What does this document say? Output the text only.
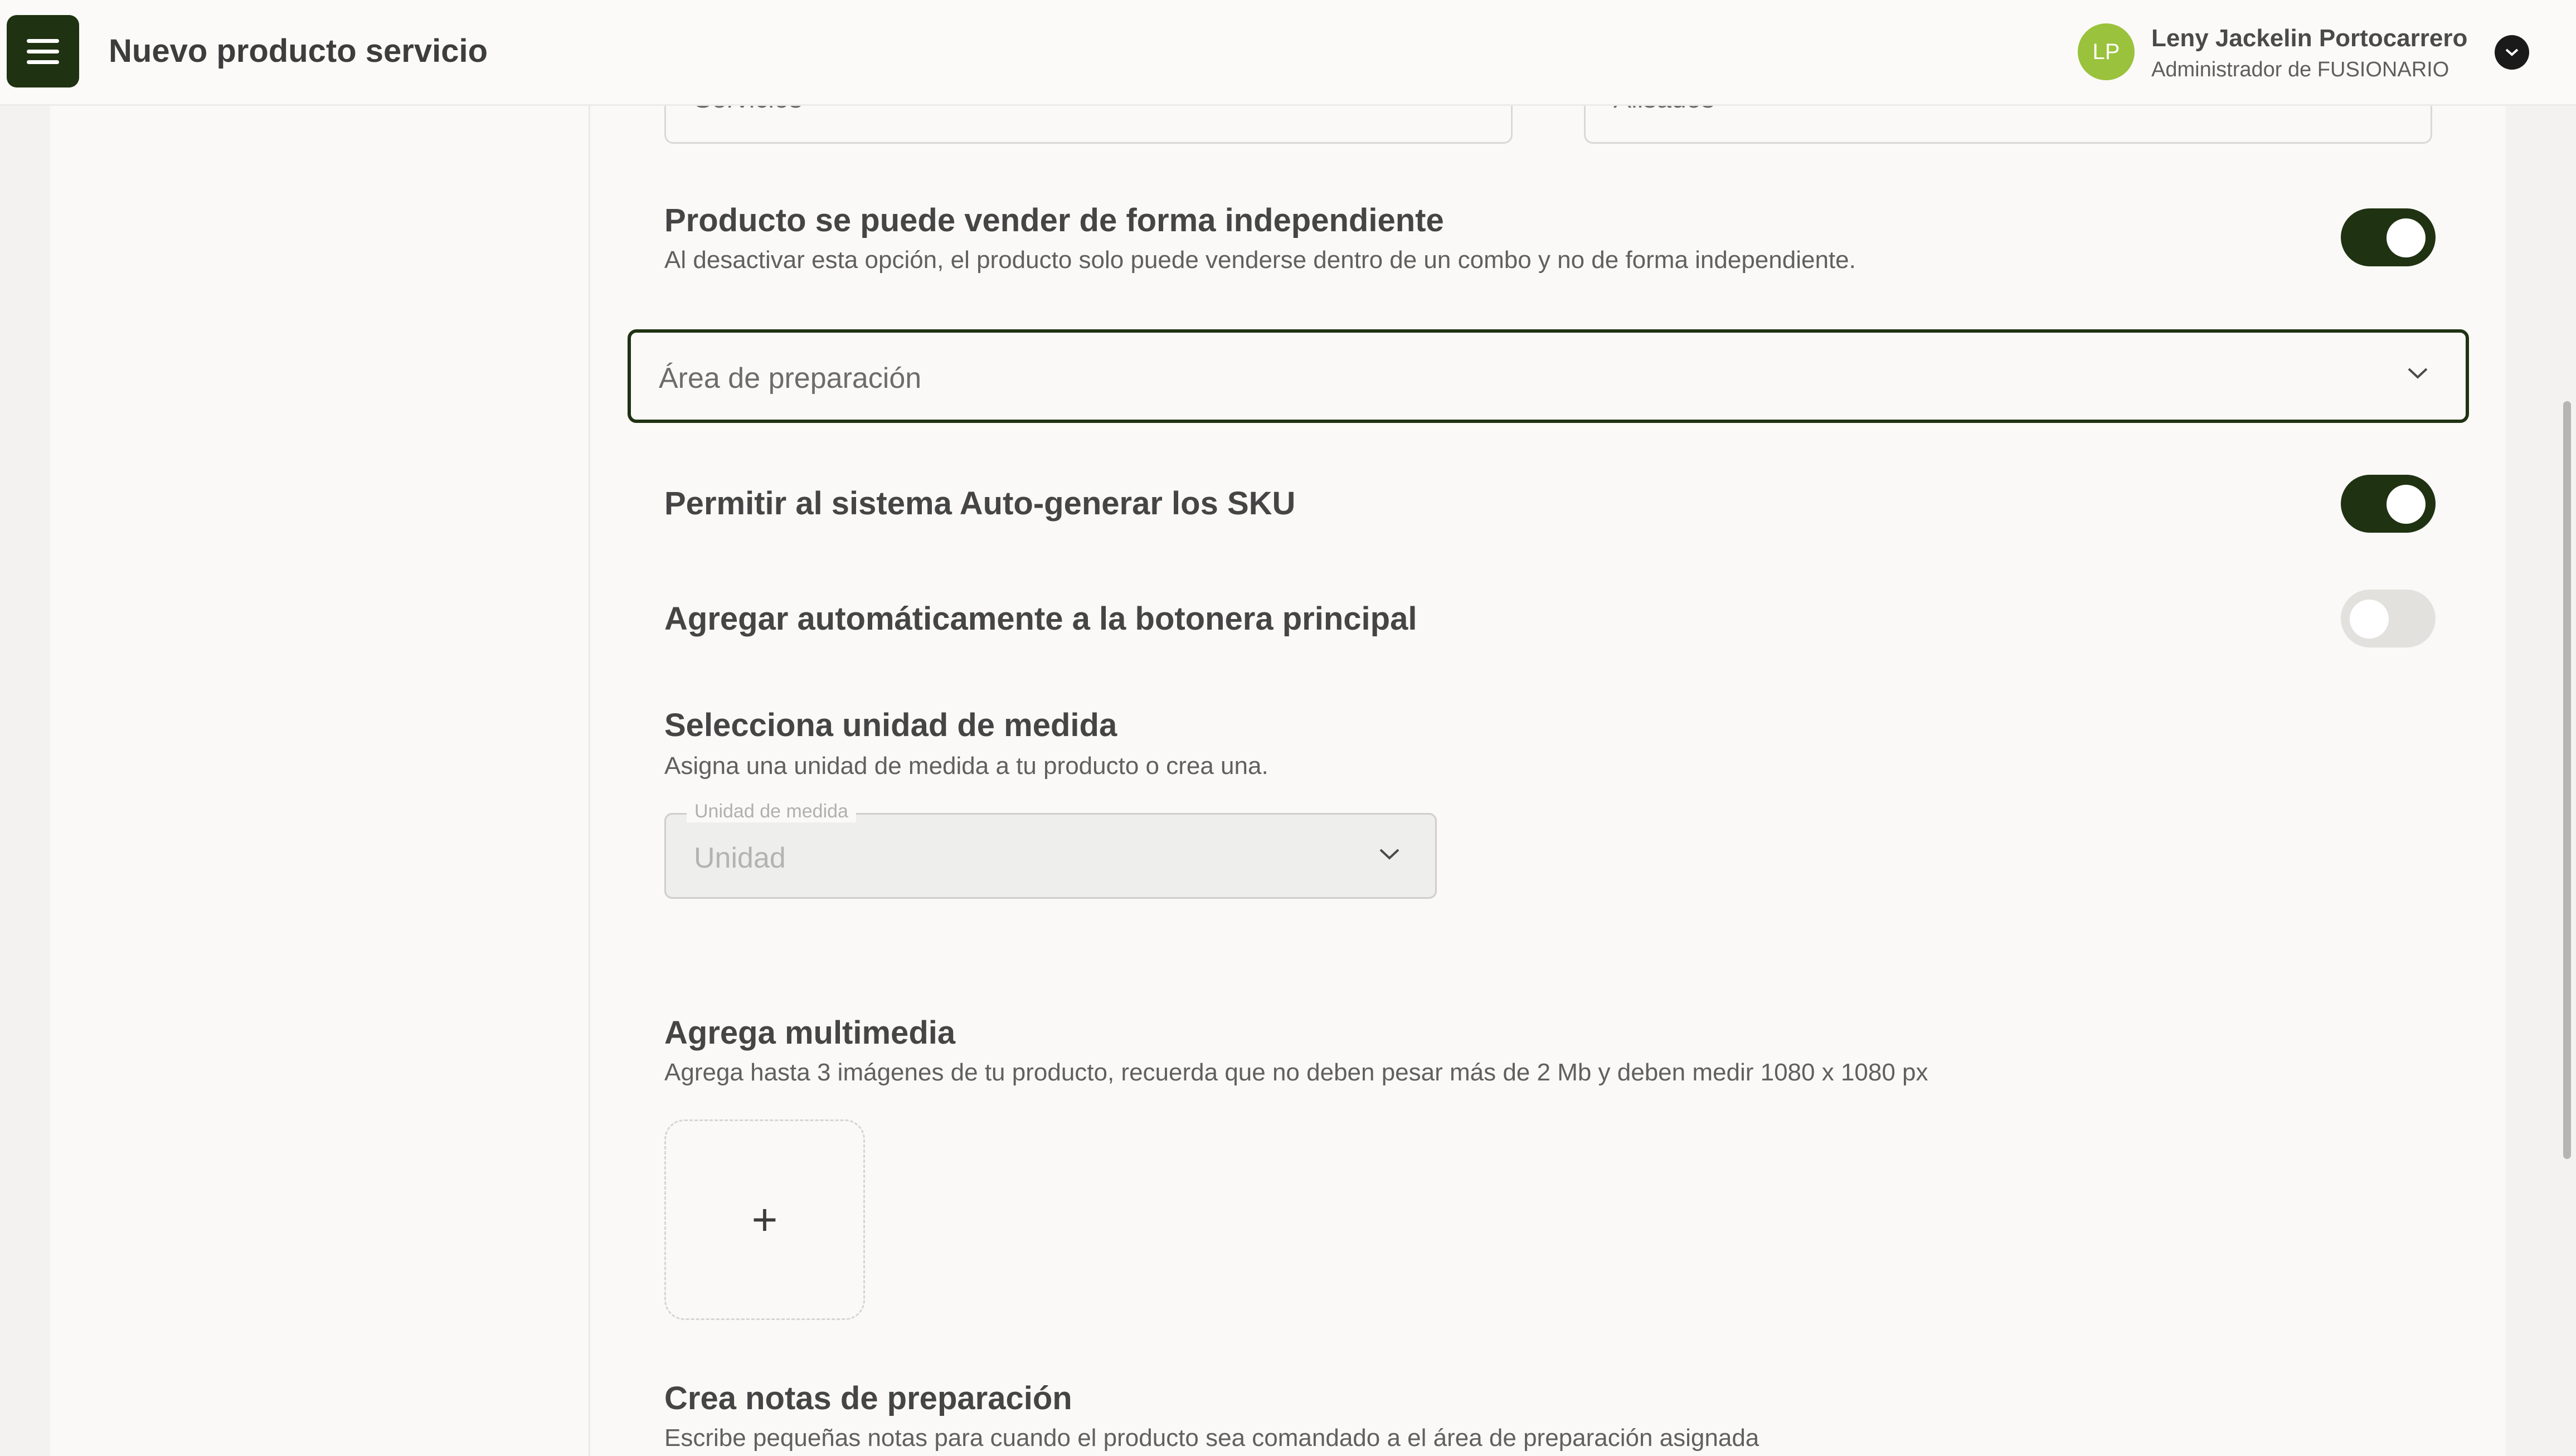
Nuevo producto servicio	LP	Leny Jackelin Portocarrero
Administrador de FUSIONARIO
Producto se puede vender de forma independiente
Al desactivar esta opción, el producto solo puede venderse dentro de un combo y no de forma independiente.
Área de preparación
Permitir al sistema Auto-generar los SKU
Agregar automáticamente a la botonera principal
Selecciona unidad de medida
Asigna una unidad de medida a tu producto o crea una.
Unidad
Unidad de medida
Agrega multimedia
Agrega hasta 3 imágenes de tu producto, recuerda que no deben pesar más de 2 Mb y deben medir 1080 x 1080 px
+
Crea notas de preparación
Escribe pequeñas notas para cuando el producto sea comandado a el área de preparación asignada
